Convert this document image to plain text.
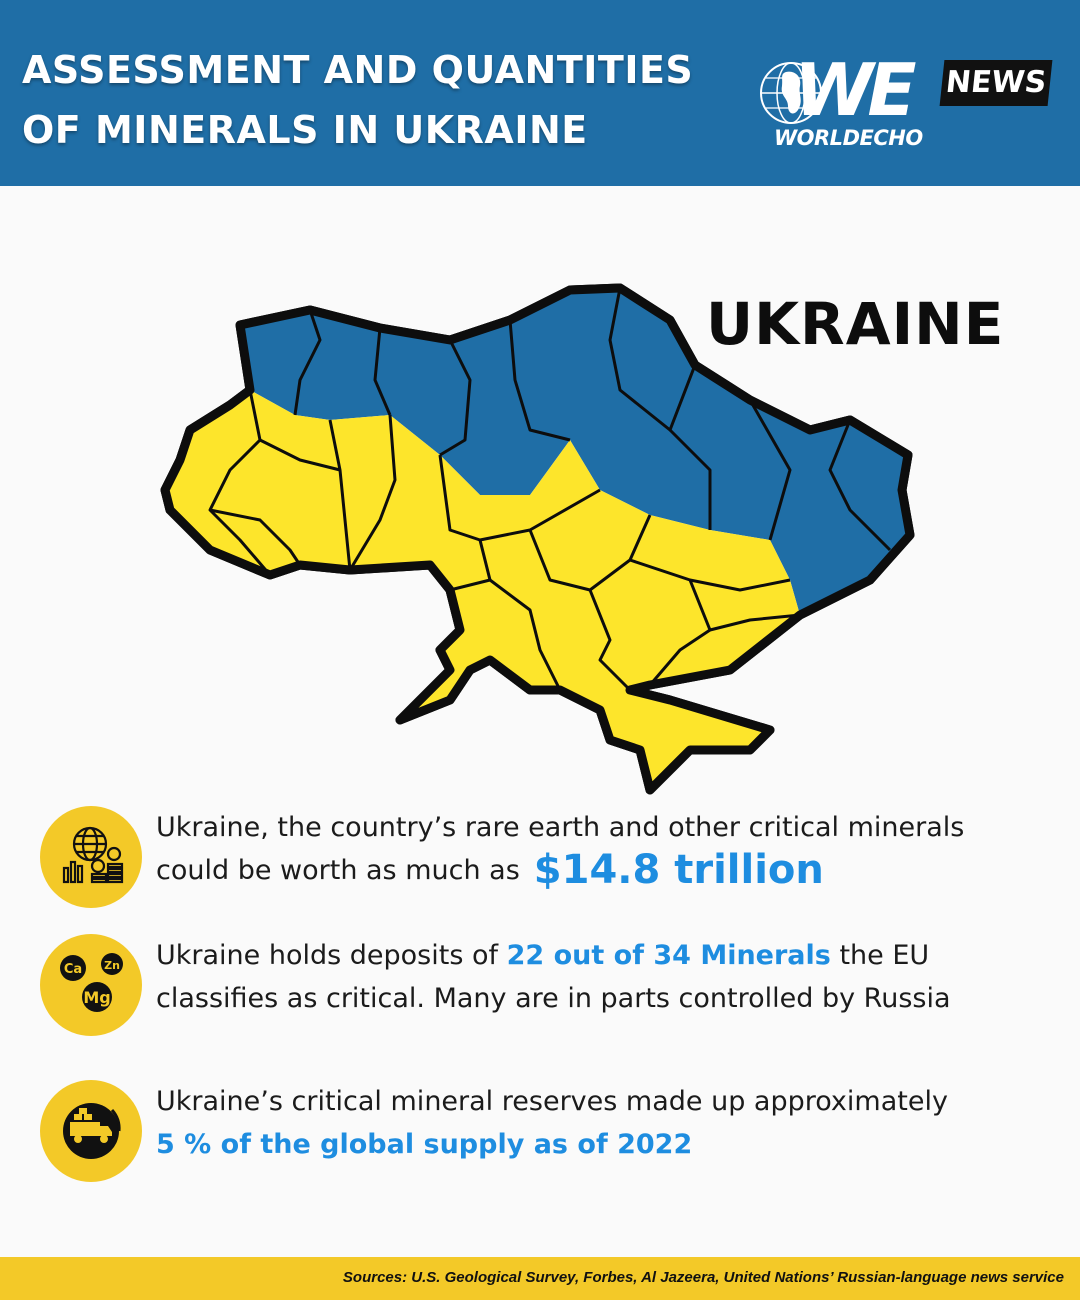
ASSESSMENT AND QUANTITIES
OF MINERALS IN UKRAINE	WE NEWS
WORLDECHO
UKRAINE
Ukraine, the country’s rare earth and other critical minerals could be worth as much as $14.8 trillion
Ca Zn
Mg
Ukraine holds deposits of 22 out of 34 Minerals the EU classifies as critical. Many are in parts controlled by Russia
Ukraine’s critical mineral reserves made up approximately
5 % of the global supply as of 2022
Sources: U.S. Geological Survey, Forbes, Al Jazeera, United Nations’ Russian-language news service
